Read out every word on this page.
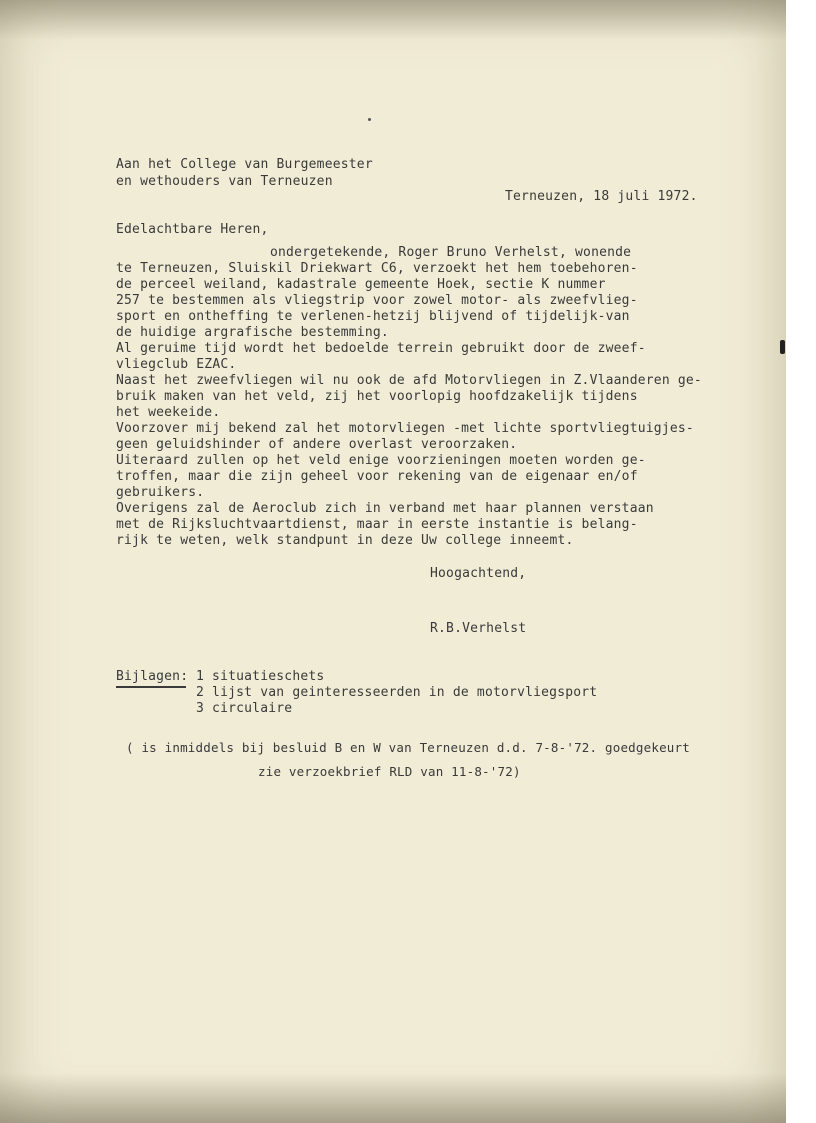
Aan het College van Burgemeester
en wethouders van Terneuzen
Terneuzen, 18 juli 1972.
Edelachtbare Heren,
ondergetekende, Roger Bruno Verhelst, wonende
te Terneuzen, Sluiskil Driekwart C6, verzoekt het hem toebehoren-
de perceel weiland, kadastrale gemeente Hoek, sectie K nummer
257 te bestemmen als vliegstrip voor zowel motor- als zweefvlieg-
sport en ontheffing te verlenen-hetzij blijvend of tijdelijk-van
de huidige argrafische bestemming.
Al geruime tijd wordt het bedoelde terrein gebruikt door de zweef-
vliegclub EZAC.
Naast het zweefvliegen wil nu ook de afd Motorvliegen in Z.Vlaanderen ge-
bruik maken van het veld, zij het voorlopig hoofdzakelijk tijdens
het weekeide.
Voorzover mij bekend zal het motorvliegen -met lichte sportvliegtuigjes-
geen geluidshinder of andere overlast veroorzaken.
Uiteraard zullen op het veld enige voorzieningen moeten worden ge-
troffen, maar die zijn geheel voor rekening van de eigenaar en/of
gebruikers.
Overigens zal de Aeroclub zich in verband met haar plannen verstaan
met de Rijksluchtvaartdienst, maar in eerste instantie is belang-
rijk te weten, welk standpunt in deze Uw college inneemt.
Hoogachtend,
R.B.Verhelst
Bijlagen: 1 situatieschets
2 lijst van geinteresseerden in de motorvliegsport
3 circulaire
( is inmiddels bij besluid B en W van Terneuzen d.d. 7-8-'72. goedgekeurt
zie verzoekbrief RLD van 11-8-'72)
